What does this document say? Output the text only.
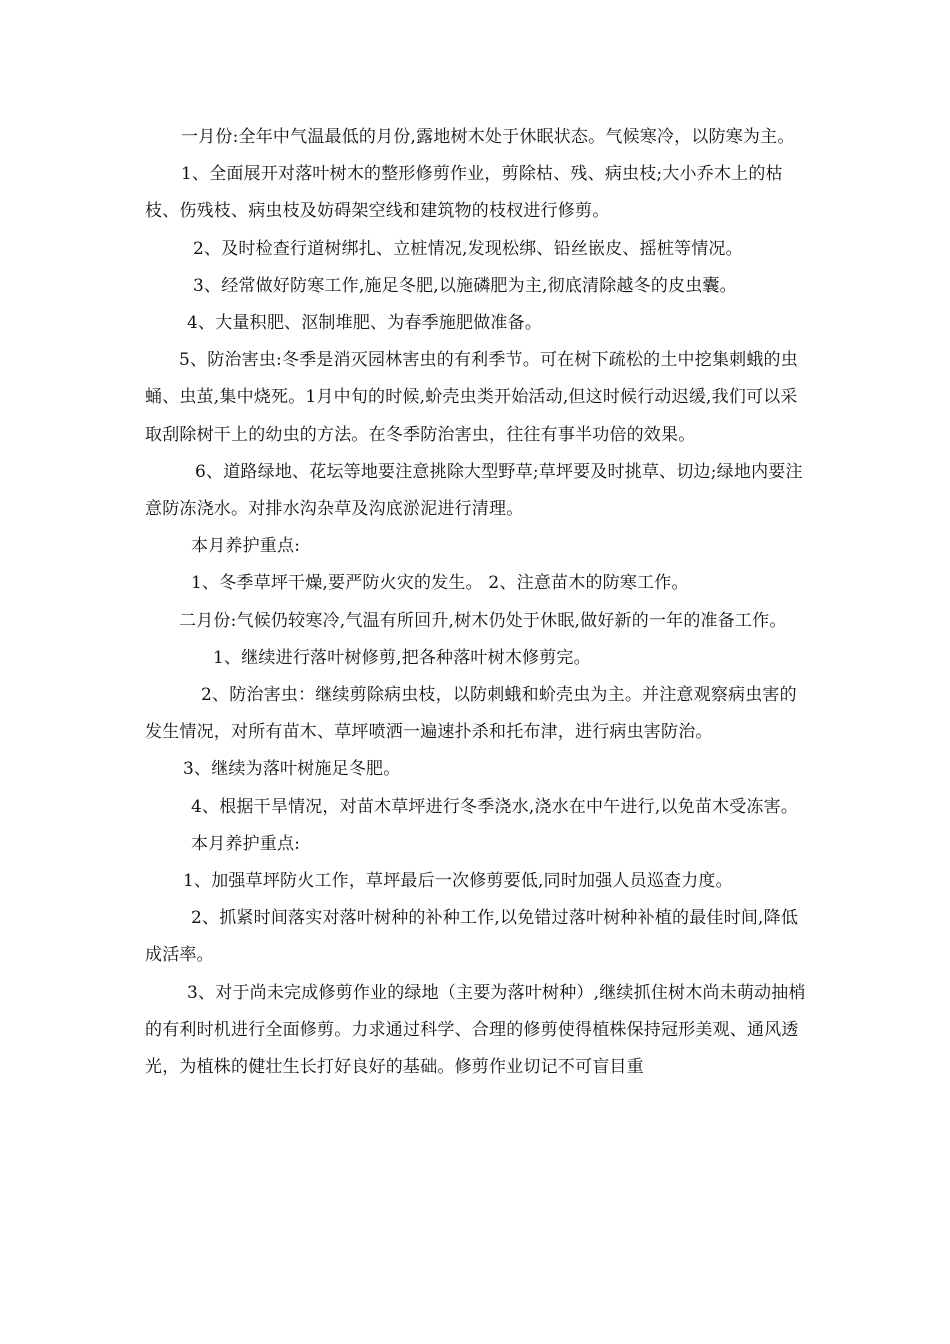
一月份:全年中气温最低的月份,露地树木处于休眠状态。气候寒冷，以防寒为主。

1、全面展开对落叶树木的整形修剪作业，剪除枯、残、病虫枝;大小乔木上的枯枝、伤残枝、病虫枝及妨碍架空线和建筑物的枝杈进行修剪。

2、及时检查行道树绑扎、立桩情况,发现松绑、铅丝嵌皮、摇桩等情况。

3、经常做好防寒工作,施足冬肥,以施磷肥为主,彻底清除越冬的皮虫囊。

4、大量积肥、沤制堆肥、为春季施肥做准备。

5、防治害虫:冬季是消灭园林害虫的有利季节。可在树下疏松的土中挖集刺蛾的虫蛹、虫茧,集中烧死。1月中旬的时候,蚧壳虫类开始活动,但这时候行动迟缓,我们可以采取刮除树干上的幼虫的方法。在冬季防治害虫，往往有事半功倍的效果。

6、道路绿地、花坛等地要注意挑除大型野草;草坪要及时挑草、切边;绿地内要注意防冻浇水。对排水沟杂草及沟底淤泥进行清理。

本月养护重点:

1、冬季草坪干燥,要严防火灾的发生。 2、注意苗木的防寒工作。

二月份:气候仍较寒冷,气温有所回升,树木仍处于休眠,做好新的一年的准备工作。

1、继续进行落叶树修剪,把各种落叶树木修剪完。

2、防治害虫：继续剪除病虫枝，以防刺蛾和蚧壳虫为主。并注意观察病虫害的发生情况，对所有苗木、草坪喷洒一遍速扑杀和托布津，进行病虫害防治。

3、继续为落叶树施足冬肥。

4、根据干旱情况，对苗木草坪进行冬季浇水,浇水在中午进行,以免苗木受冻害。

本月养护重点:

1、加强草坪防火工作，草坪最后一次修剪要低,同时加强人员巡查力度。

2、抓紧时间落实对落叶树种的补种工作,以免错过落叶树种补植的最佳时间,降低成活率。

3、对于尚未完成修剪作业的绿地（主要为落叶树种）,继续抓住树木尚未萌动抽梢的有利时机进行全面修剪。力求通过科学、合理的修剪使得植株保持冠形美观、通风透光，为植株的健壮生长打好良好的基础。修剪作业切记不可盲目重
